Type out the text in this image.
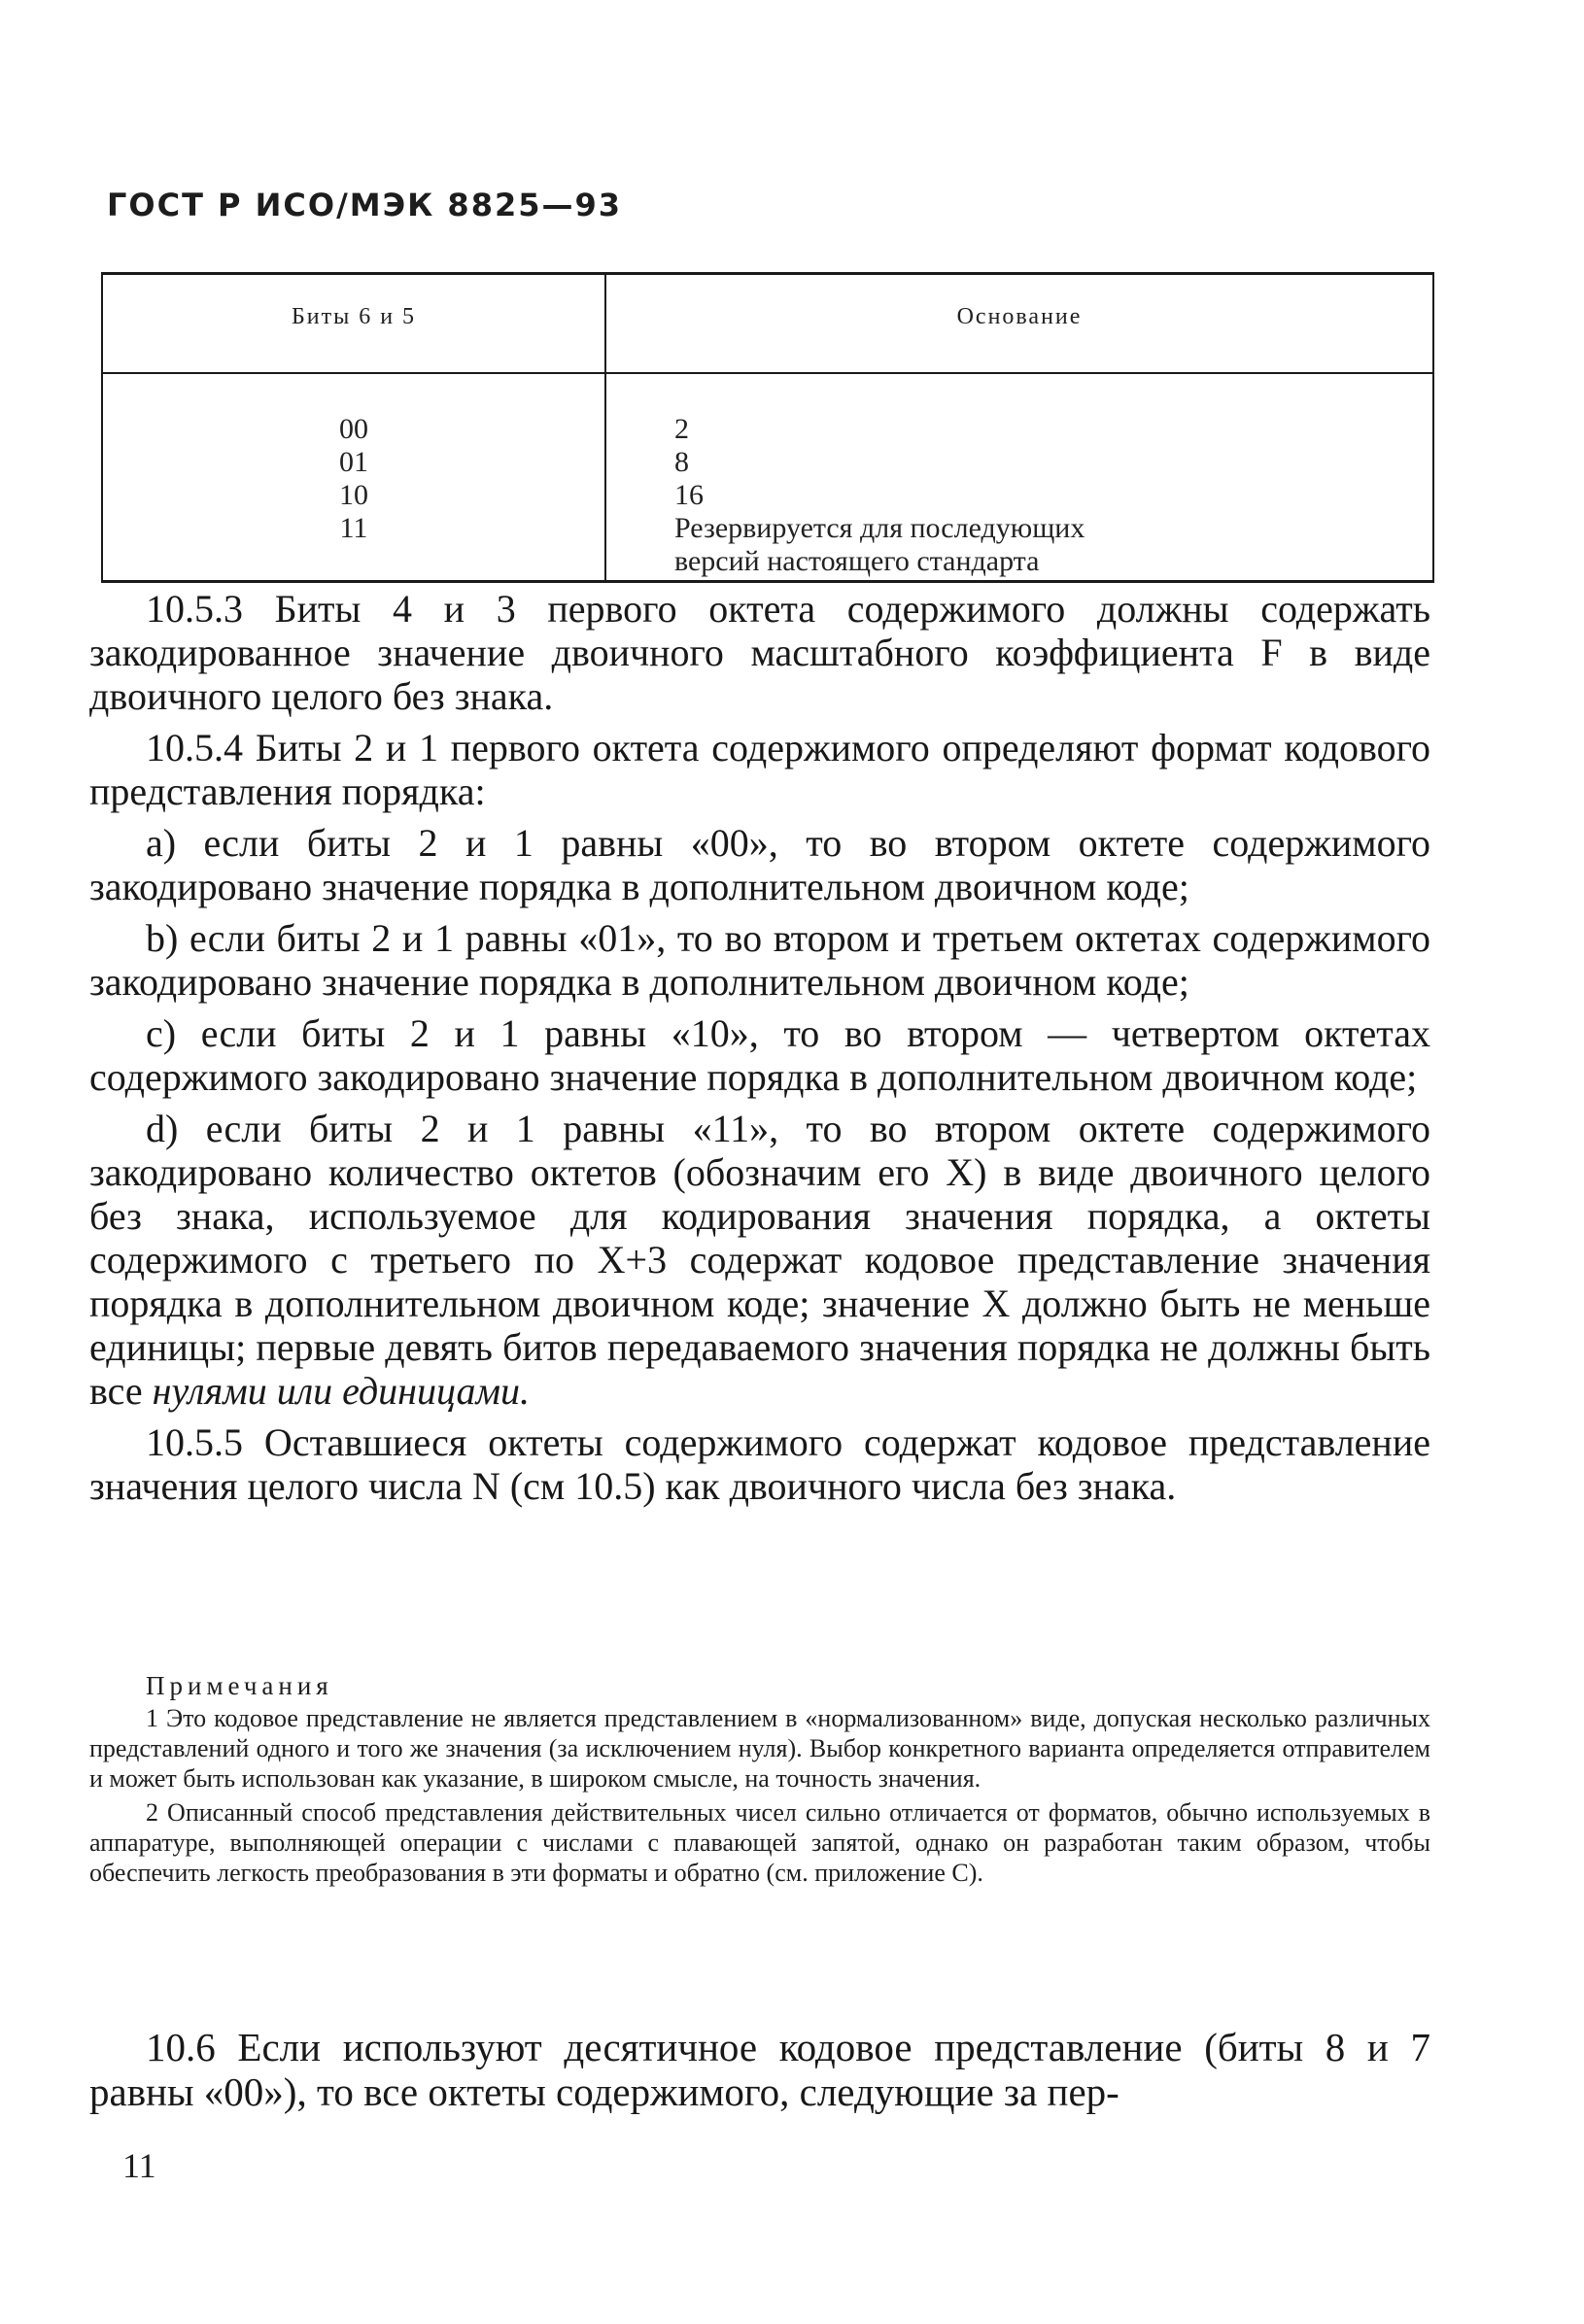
ГОСТ Р ИСО/МЭК 8825—93
Биты 6 и 5	Основание
00
01
10
11
2
8
16
Резервируется для последующих
версий настоящего стандарта

10.5.3 Биты 4 и 3 первого октета содержимого должны содержать закодированное значение двоичного масштабного коэффициента F в виде двоичного целого без знака.

10.5.4 Биты 2 и 1 первого октета содержимого определяют формат кодового представления порядка:

а) если биты 2 и 1 равны «00», то во втором октете содержимого закодировано значение порядка в дополнительном двоичном коде;

b) если биты 2 и 1 равны «01», то во втором и третьем октетах содержимого закодировано значение порядка в дополнительном двоичном коде;

с) если биты 2 и 1 равны «10», то во втором — четвертом октетах содержимого закодировано значение порядка в дополнительном двоичном коде;

d) если биты 2 и 1 равны «11», то во втором октете содержимого закодировано количество октетов (обозначим его X) в виде двоичного целого без знака, используемое для кодирования значения порядка, а октеты содержимого с третьего по X+3 содержат кодовое представление значения порядка в дополнительном двоичном коде; значение X должно быть не меньше единицы; первые девять битов передаваемого значения порядка не должны быть все нулями или единицами.

10.5.5 Оставшиеся октеты содержимого содержат кодовое представление значения целого числа N (см 10.5) как двоичного числа без знака.

Примечания

1 Это кодовое представление не является представлением в «нормализованном» виде, допуская несколько различных представлений одного и того же значения (за исключением нуля). Выбор конкретного варианта определяется отправителем и может быть использован как указание, в широком смысле, на точность значения.

2 Описанный способ представления действительных чисел сильно отличается от форматов, обычно используемых в аппаратуре, выполняющей операции с числами с плавающей запятой, однако он разработан таким образом, чтобы обеспечить легкость преобразования в эти форматы и обратно (см. приложение С).

10.6 Если используют десятичное кодовое представление (биты 8 и 7 равны «00»), то все октеты содержимого, следующие за пер-

11
